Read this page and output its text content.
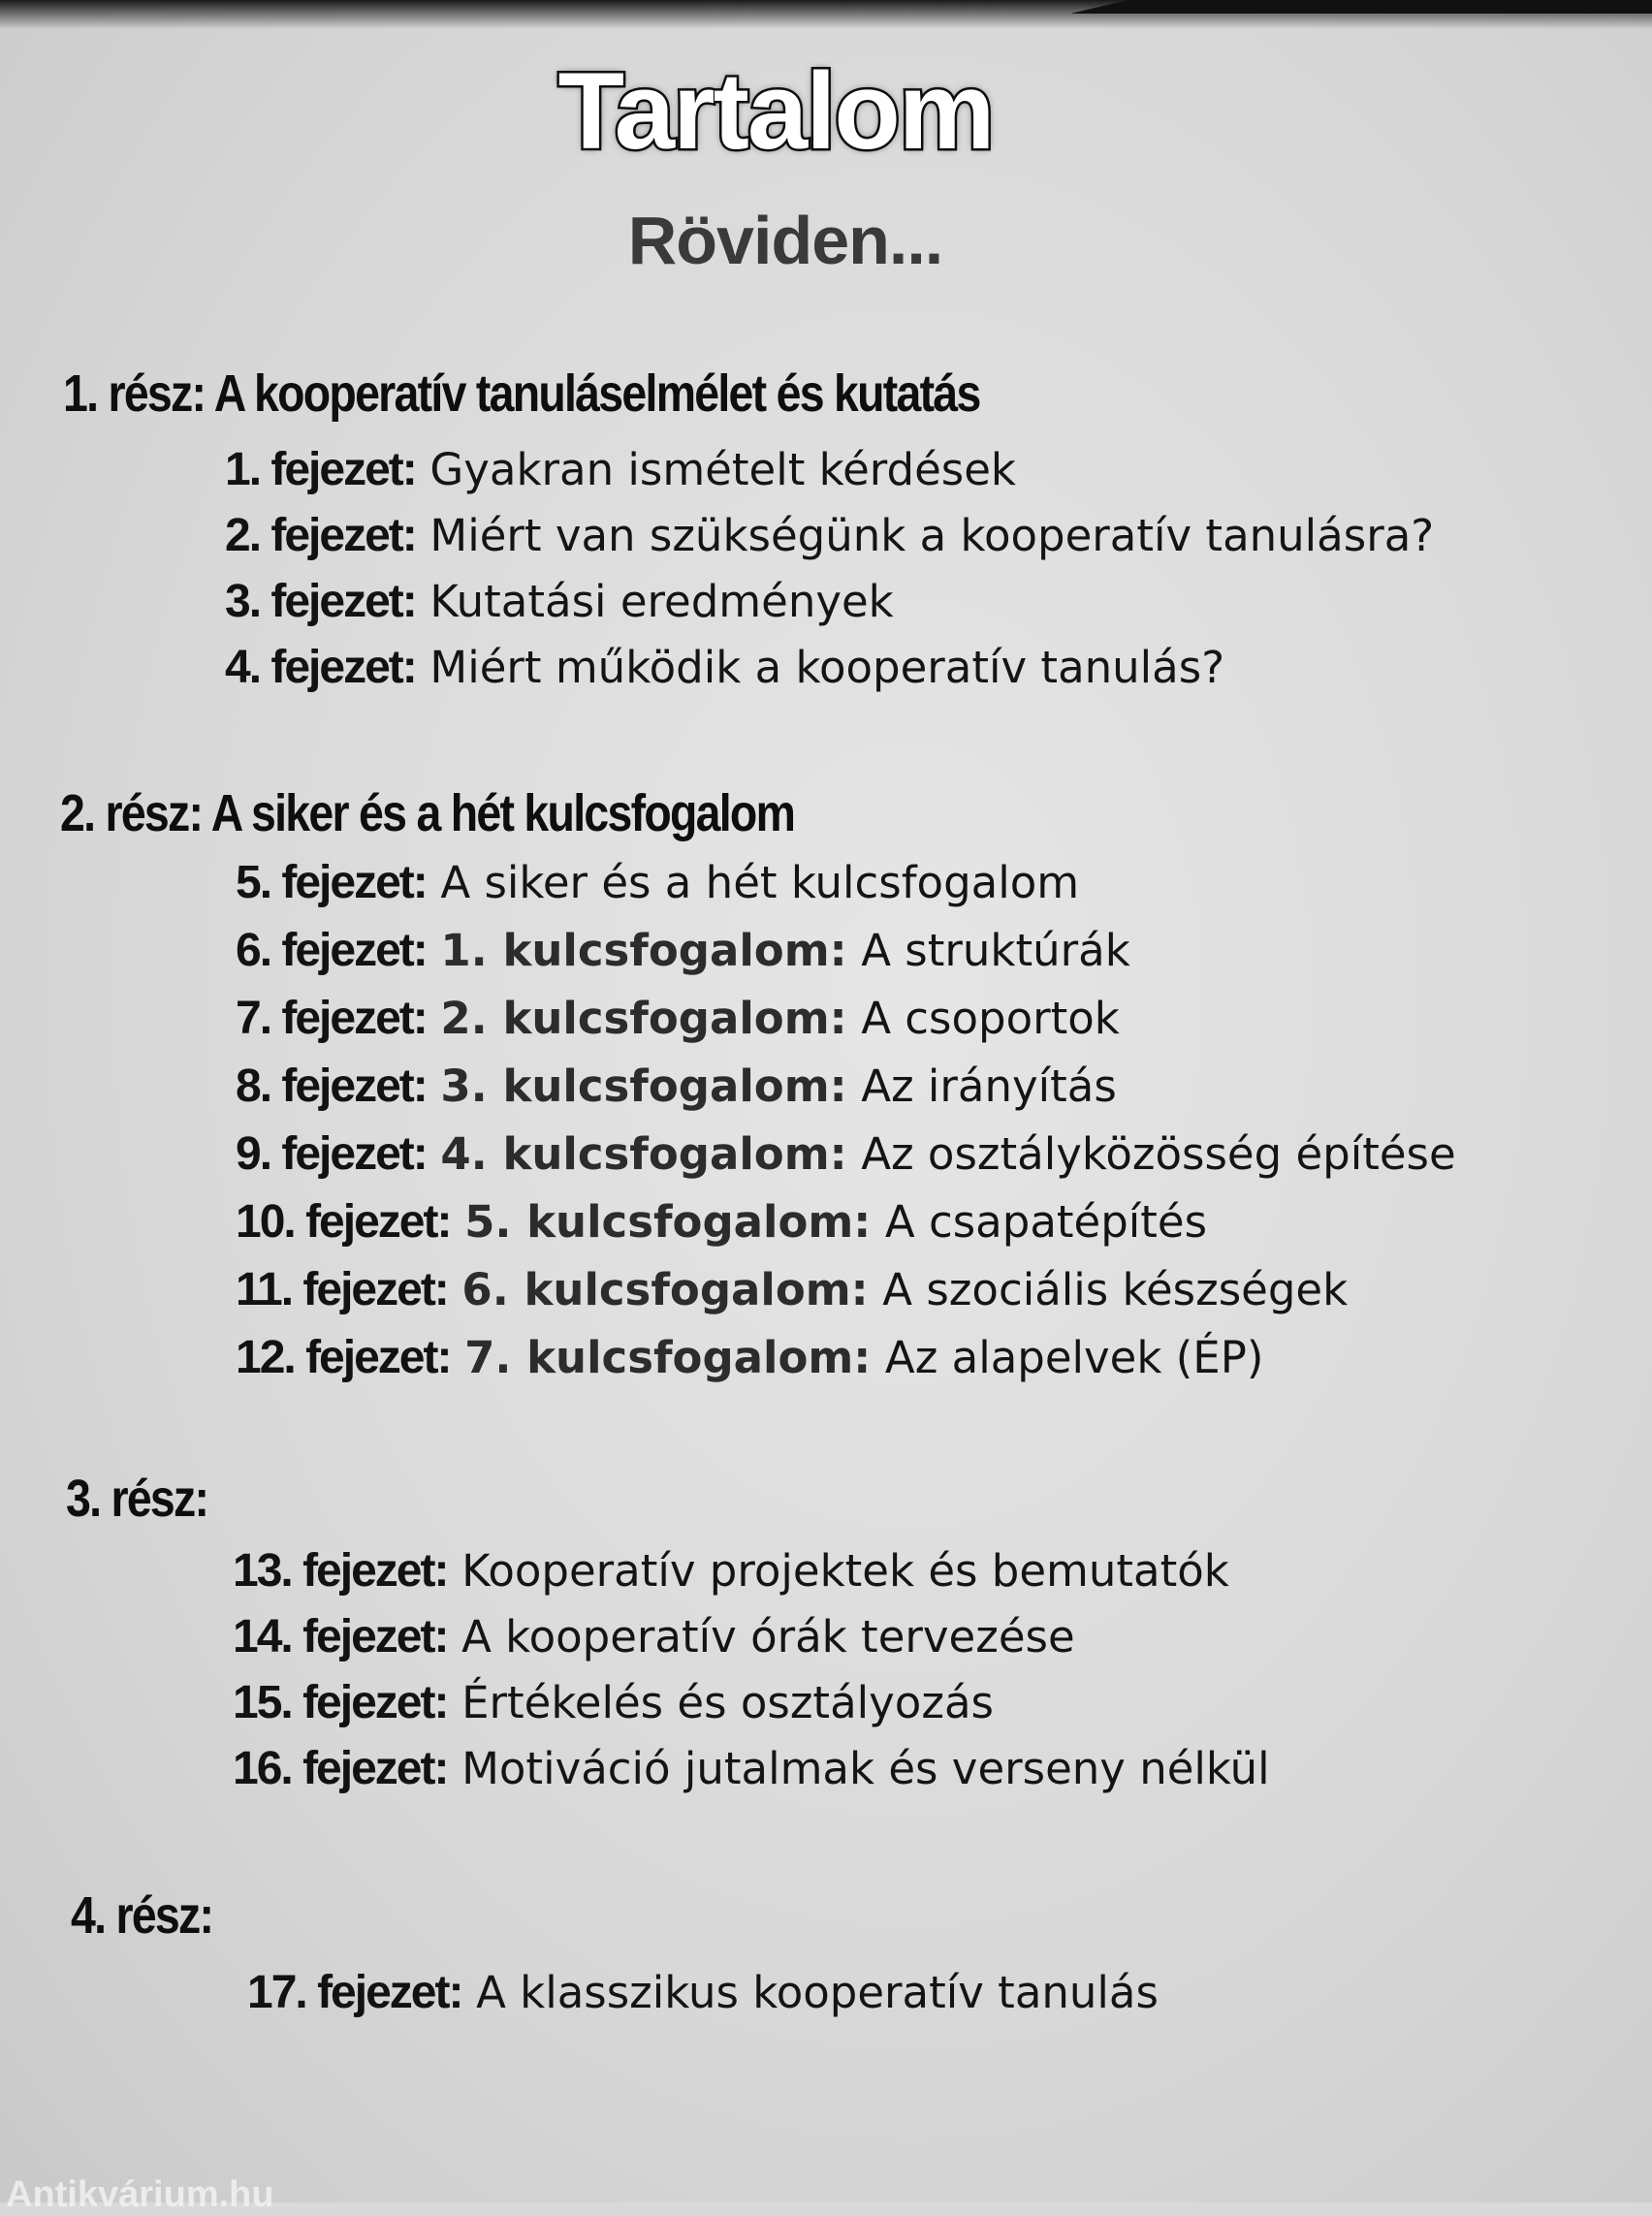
Tartalom
Röviden...
1. rész: A kooperatív tanuláselmélet és kutatás
1. fejezet: Gyakran ismételt kérdések
2. fejezet: Miért van szükségünk a kooperatív tanulásra?
3. fejezet: Kutatási eredmények
4. fejezet: Miért működik a kooperatív tanulás?
2. rész: A siker és a hét kulcsfogalom
5. fejezet: A siker és a hét kulcsfogalom
6. fejezet: 1. kulcsfogalom: A struktúrák
7. fejezet: 2. kulcsfogalom: A csoportok
8. fejezet: 3. kulcsfogalom: Az irányítás
9. fejezet: 4. kulcsfogalom: Az osztályközösség építése
10. fejezet: 5. kulcsfogalom: A csapatépítés
11. fejezet: 6. kulcsfogalom: A szociális készségek
12. fejezet: 7. kulcsfogalom: Az alapelvek (ÉP)
3. rész:
13. fejezet: Kooperatív projektek és bemutatók
14. fejezet: A kooperatív órák tervezése
15. fejezet: Értékelés és osztályozás
16. fejezet: Motiváció jutalmak és verseny nélkül
4. rész:
17. fejezet: A klasszikus kooperatív tanulás
Antikvárium.hu
